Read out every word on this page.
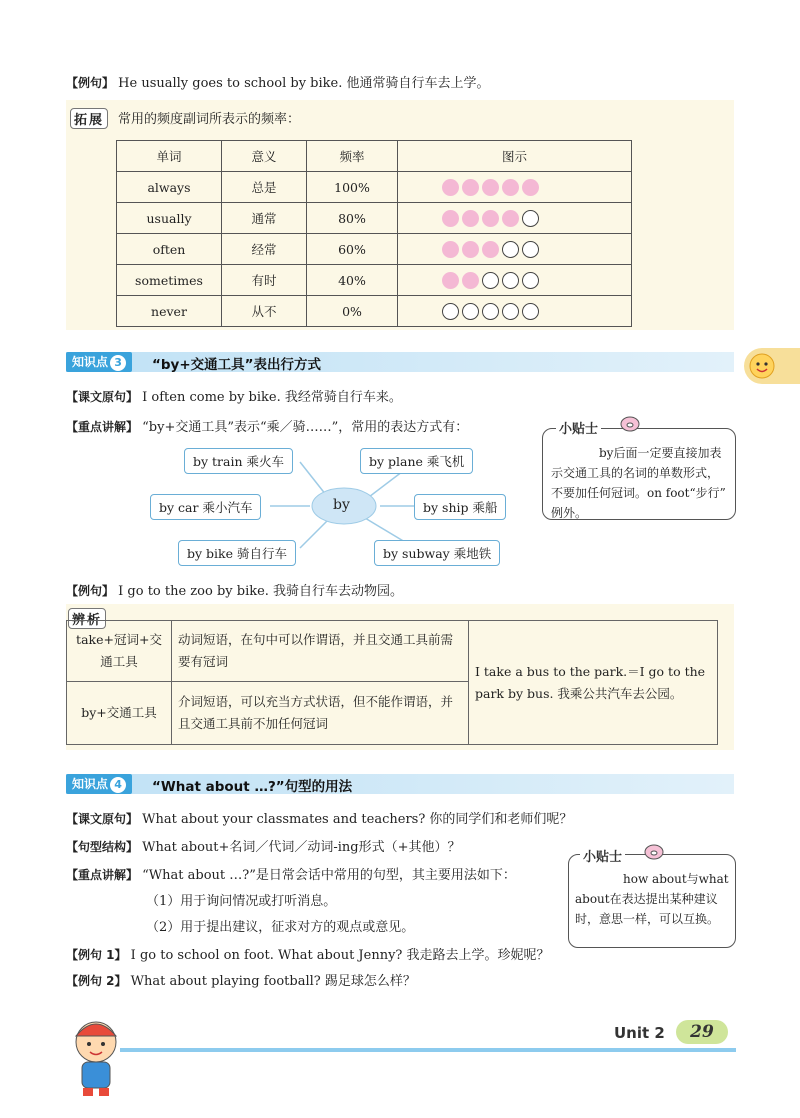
【例句】 He usually goes to school by bike. 他通常骑自行车去上学。
拓展	常用的频度副词所表示的频率：
单词	意义	频率	图示
always	总是	100%	
usually	通常	80%	
often	经常	60%	
sometimes	有时	40%	
never	从不	0%	
知识点 3	“by+交通工具”表出行方式
【课文原句】 I often come by bike. 我经常骑自行车来。
【重点讲解】 “by+交通工具”表示“乘／骑……”，常用的表达方式有：
by
by train 乘火车	by plane 乘飞机
by car 乘小汽车	by ship 乘船
by bike 骑自行车	by subway 乘地铁
by后面一定要直接加表示交通工具的名词的单数形式，不要加任何冠词。on foot“步行” 例外。
小贴士
【例句】 I go to the zoo by bike. 我骑自行车去动物园。
辨析
take+冠词+交通工具	动词短语，在句中可以作谓语，并且交通工具前需要有冠词	I take a bus to the park.＝I go to the park by bus. 我乘公共汽车去公园。
by+交通工具	介词短语，可以充当方式状语，但不能作谓语，并且交通工具前不加任何冠词	
知识点 4	“What about …?”句型的用法
【课文原句】 What about your classmates and teachers? 你的同学们和老师们呢？
【句型结构】 What about+名词／代词／动词-ing形式（+其他）？
【重点讲解】 “What about …?”是日常会话中常用的句型，其主要用法如下：
（1）用于询问情况或打听消息。
（2）用于提出建议，征求对方的观点或意见。
【例句 1】 I go to school on foot. What about Jenny? 我走路去上学。珍妮呢？
【例句 2】 What about playing football? 踢足球怎么样？
how about与what about在表达提出某种建议时，意思一样，可以互换。
小贴士
Unit 2	29
